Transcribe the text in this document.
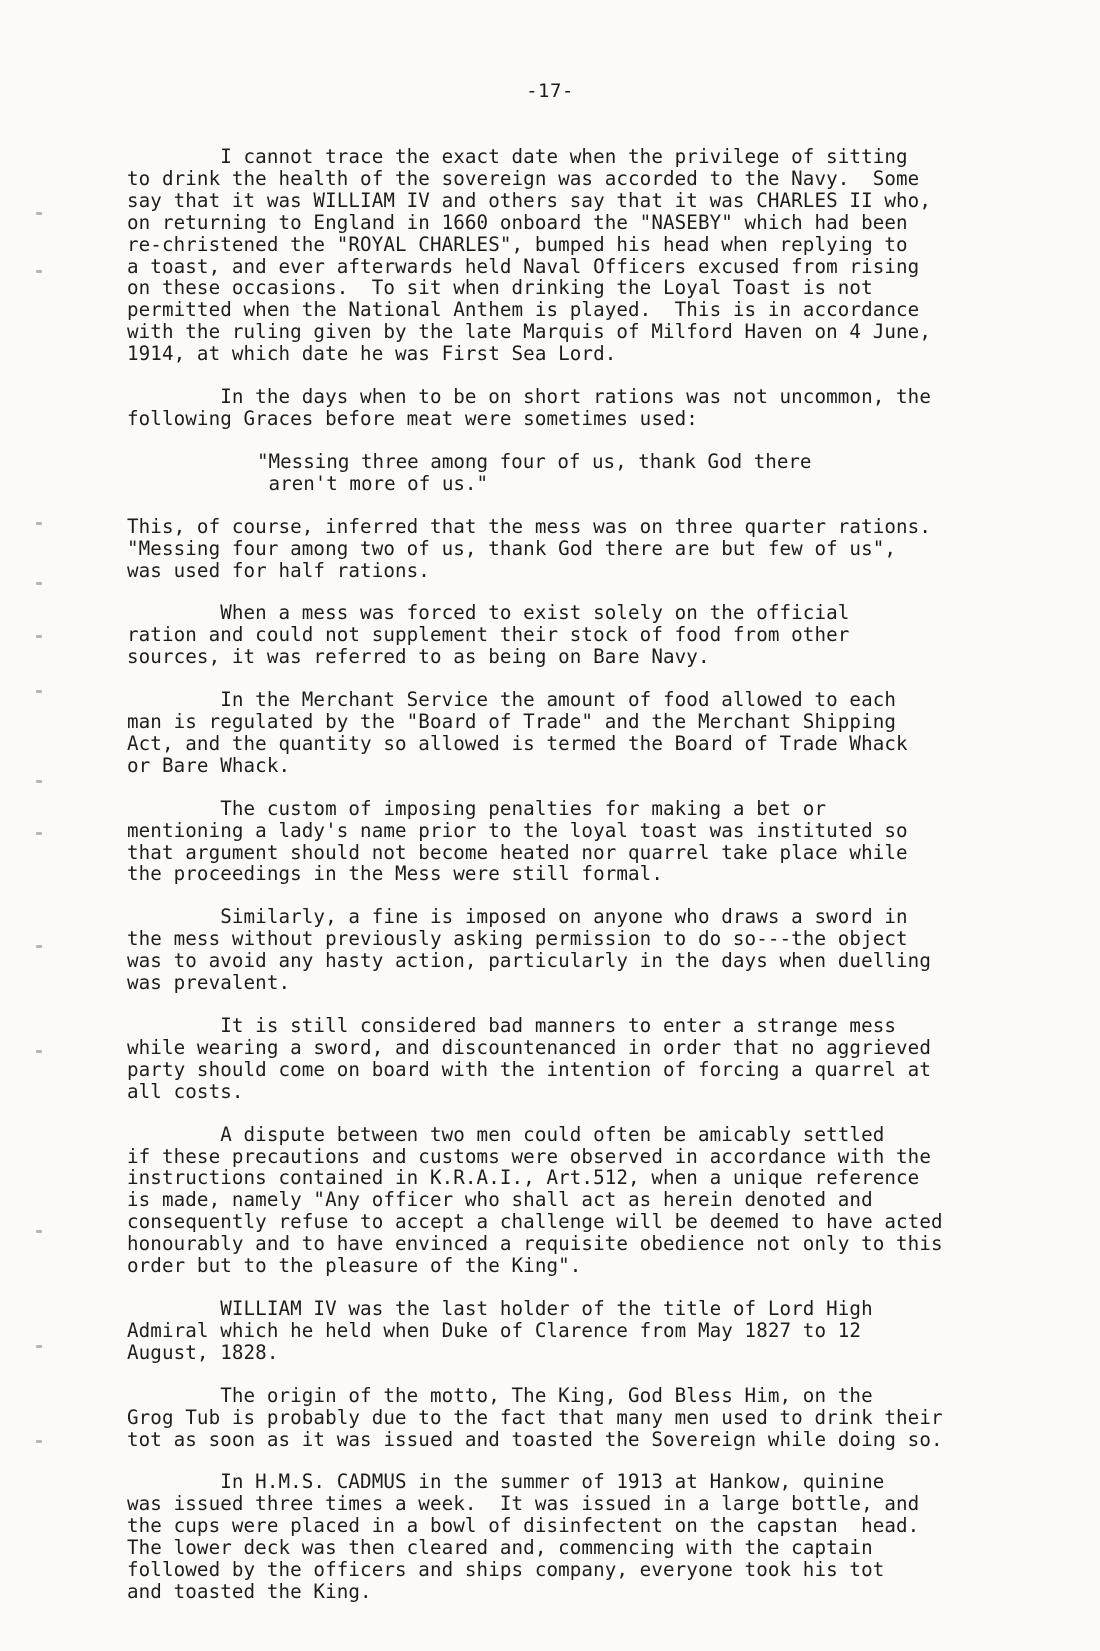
-17-

I cannot trace the exact date when the privilege of sitting
to drink the health of the sovereign was accorded to the Navy.  Some
say that it was WILLIAM IV and others say that it was CHARLES II who,
on returning to England in 1660 onboard the "NASEBY" which had been
re-christened the "ROYAL CHARLES", bumped his head when replying to
a toast, and ever afterwards held Naval Officers excused from rising
on these occasions.  To sit when drinking the Loyal Toast is not
permitted when the National Anthem is played.  This is in accordance
with the ruling given by the late Marquis of Milford Haven on 4 June,
1914, at which date he was First Sea Lord.

In the days when to be on short rations was not uncommon, the
following Graces before meat were sometimes used:

"Messing three among four of us, thank God there
aren't more of us."

This, of course, inferred that the mess was on three quarter rations.
"Messing four among two of us, thank God there are but few of us",
was used for half rations.

When a mess was forced to exist solely on the official
ration and could not supplement their stock of food from other
sources, it was referred to as being on Bare Navy.

In the Merchant Service the amount of food allowed to each
man is regulated by the "Board of Trade" and the Merchant Shipping
Act, and the quantity so allowed is termed the Board of Trade Whack
or Bare Whack.

The custom of imposing penalties for making a bet or
mentioning a lady's name prior to the loyal toast was instituted so
that argument should not become heated nor quarrel take place while
the proceedings in the Mess were still formal.

Similarly, a fine is imposed on anyone who draws a sword in
the mess without previously asking permission to do so---the object
was to avoid any hasty action, particularly in the days when duelling
was prevalent.

It is still considered bad manners to enter a strange mess
while wearing a sword, and discountenanced in order that no aggrieved
party should come on board with the intention of forcing a quarrel at
all costs.

A dispute between two men could often be amicably settled
if these precautions and customs were observed in accordance with the
instructions contained in K.R.A.I., Art.512, when a unique reference
is made, namely "Any officer who shall act as herein denoted and
consequently refuse to accept a challenge will be deemed to have acted
honourably and to have envinced a requisite obedience not only to this
order but to the pleasure of the King".

WILLIAM IV was the last holder of the title of Lord High
Admiral which he held when Duke of Clarence from May 1827 to 12
August, 1828.

The origin of the motto, The King, God Bless Him, on the
Grog Tub is probably due to the fact that many men used to drink their
tot as soon as it was issued and toasted the Sovereign while doing so.

In H.M.S. CADMUS in the summer of 1913 at Hankow, quinine
was issued three times a week.  It was issued in a large bottle, and
the cups were placed in a bowl of disinfectent on the capstan  head.
The lower deck was then cleared and, commencing with the captain
followed by the officers and ships company, everyone took his tot
and toasted the King.
